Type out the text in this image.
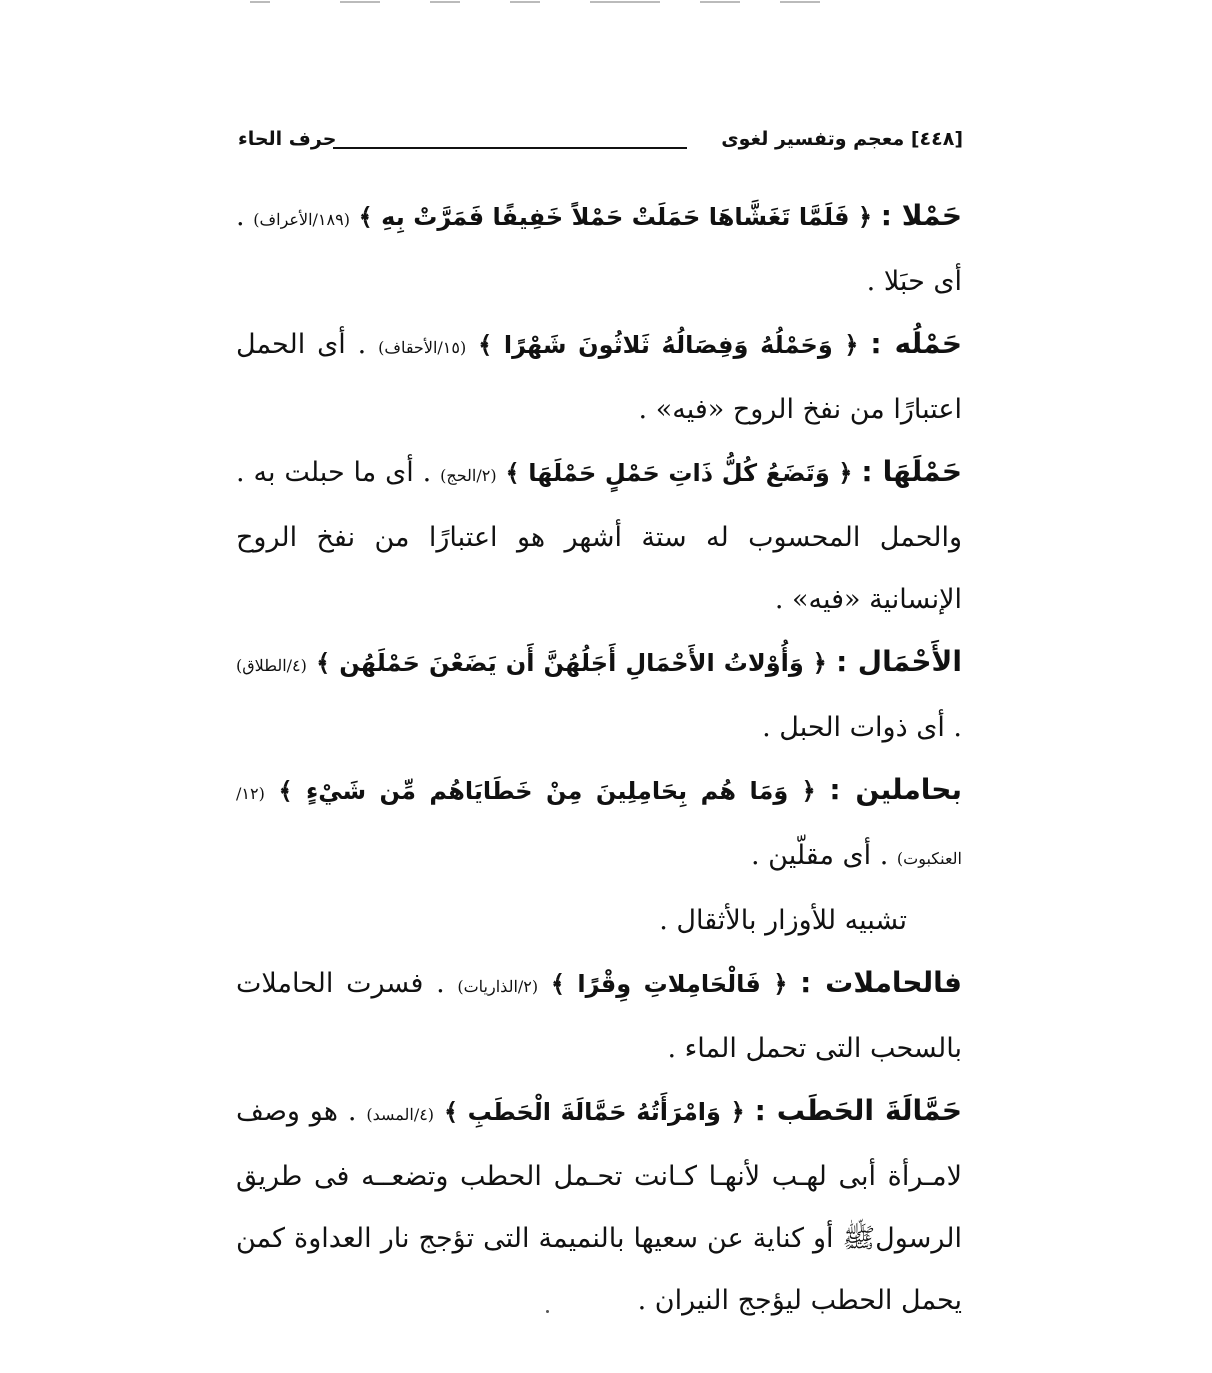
[٤٤٨] معجم وتفسير لغوى
حرف الحاء

حَمْلا : ﴿ فَلَمَّا تَغَشَّاهَا حَمَلَتْ حَمْلاً خَفِيفًا فَمَرَّتْ بِهِ ﴾ (١٨٩/الأعراف) . أى حبَلا .

حَمْلُه : ﴿ وَحَمْلُهُ وَفِصَالُهُ ثَلاثُونَ شَهْرًا ﴾ (١٥/الأحقاف) . أى الحمل اعتبارًا من نفخ الروح «فيه» .

حَمْلَهَا : ﴿ وَتَضَعُ كُلُّ ذَاتِ حَمْلٍ حَمْلَهَا ﴾ (٢/الحج) . أى ما حبلت به . والحمل المحسوب له ستة أشهر هو اعتبارًا من نفخ الروح الإنسانية «فيه» .

الأَحْمَال : ﴿ وَأُوْلاتُ الأَحْمَالِ أَجَلُهُنَّ أَن يَضَعْنَ حَمْلَهُن ﴾ (٤/الطلاق) . أى ذوات الحبل .

بحاملين : ﴿ وَمَا هُم بِحَامِلِينَ مِنْ خَطَايَاهُم مِّن شَيْءٍ ﴾ (١٢/العنكبوت) . أى مقلّين .

تشبيه للأوزار بالأثقال .

فالحاملات : ﴿ فَالْحَامِلاتِ وِقْرًا ﴾ (٢/الذاريات) . فسرت الحاملات بالسحب التى تحمل الماء .

حَمَّالَةَ الحَطَب : ﴿ وَامْرَأَتُهُ حَمَّالَةَ الْحَطَبِ ﴾ (٤/المسد) . هو وصف لامـرأة أبى لهـب لأنهـا كـانت تحـمل الحطب وتضعــه فى طريق الرسولﷺ أو كناية عن سعيها بالنميمة التى تؤجج نار العداوة كمن يحمل الحطب ليؤجج النيران .
